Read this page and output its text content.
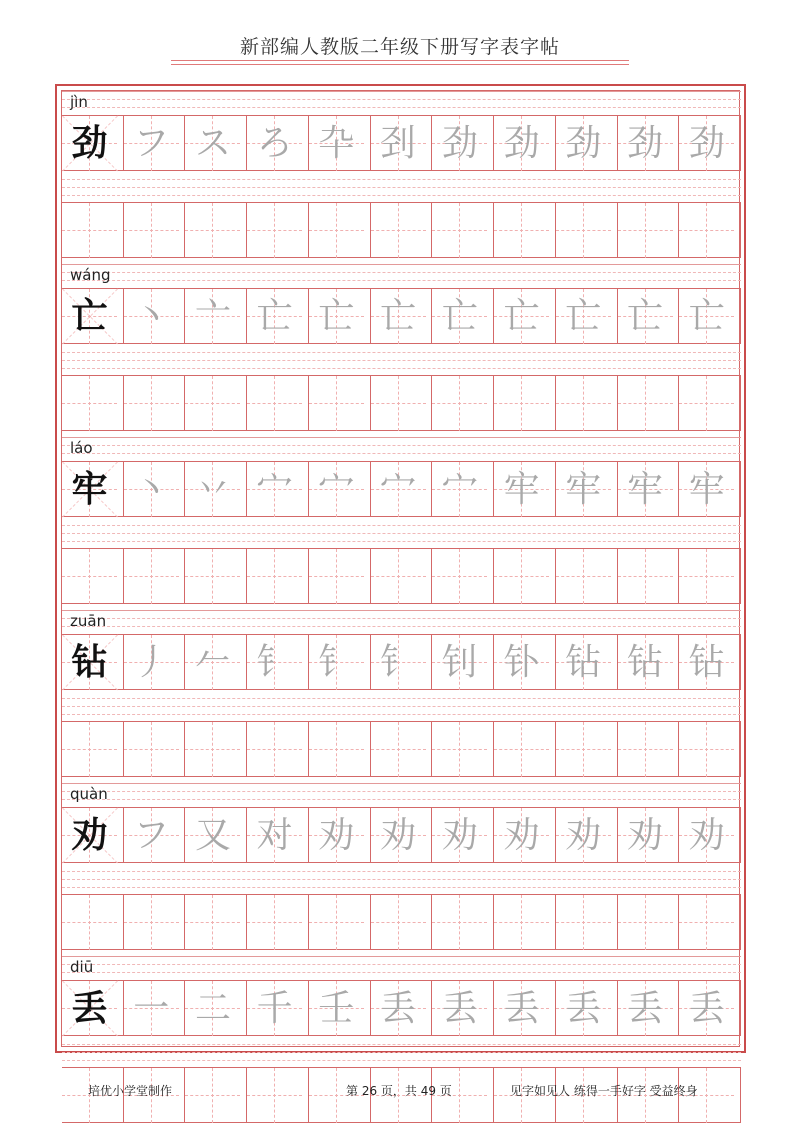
新部编人教版二年级下册写字表字帖
jìn
劲 フ ス ろ 卆 刭 劲 劲 劲 劲 劲
wáng
亡 丶 亠 亡 亡 亡 亡 亡 亡 亡 亡
láo
牢 丶 丷 宀 宀 宀 宀 牢 牢 牢 牢
zuān
钻 丿 𠂉 钅 钅 钅 钊 钋 钻 钻 钻
quàn
劝 フ 又 对 劝 劝 劝 劝 劝 劝 劝
diū
丢 一 二 千 壬 丢 丢 丢 丢 丢 丢
培优小学堂制作	第 26 页，共 49 页	见字如见人 练得一手好字 受益终身
